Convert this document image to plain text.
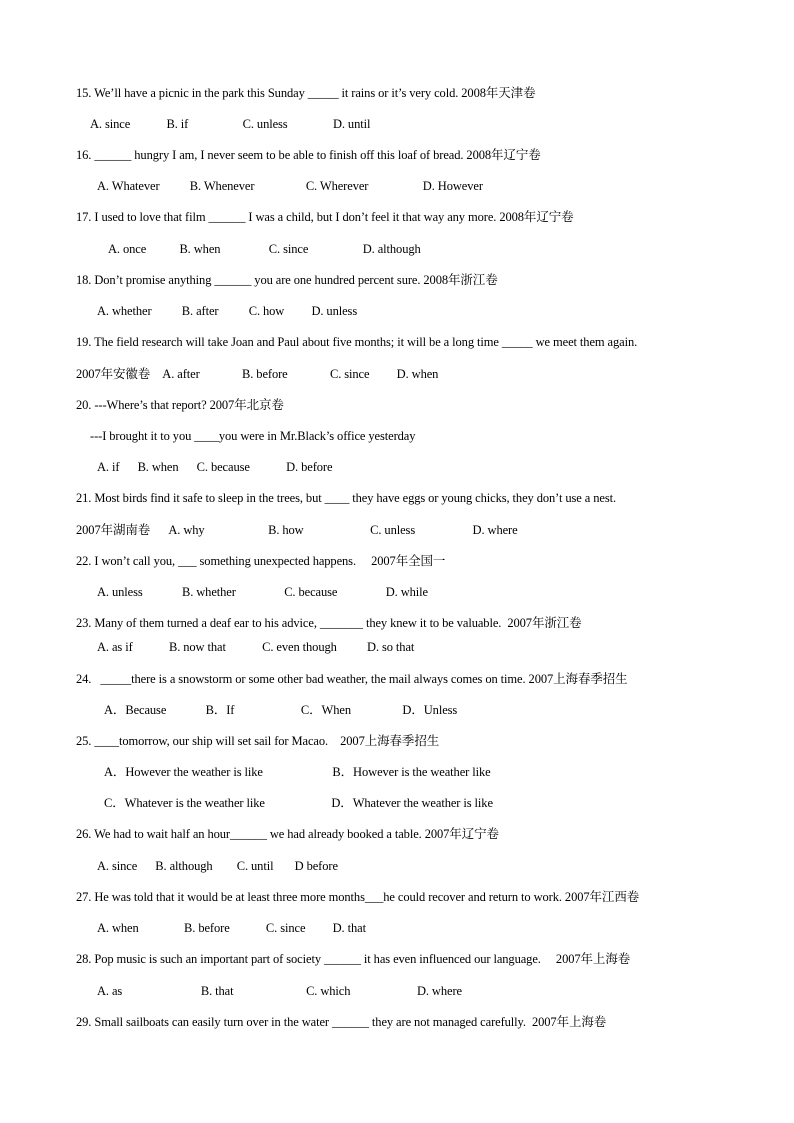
15. We’ll have a picnic in the park this Sunday _____ it rains or it’s very cold. 2008年天津卷
A. since            B. if                  C. unless               D. until
16. ______ hungry I am, I never seem to be able to finish off this loaf of bread. 2008年辽宁卷
A. Whatever          B. Whenever                 C. Wherever                  D. However
17. I used to love that film ______ I was a child, but I don’t feel it that way any more. 2008年辽宁卷
A. once           B. when                C. since                  D. although
18. Don’t promise anything ______ you are one hundred percent sure. 2008年浙江卷
A. whether          B. after          C. how         D. unless
19. The field research will take Joan and Paul about five months; it will be a long time _____ we meet them again.
2007年安徽卷    A. after              B. before              C. since         D. when
20. ---Where’s that report? 2007年北京卷
---I brought it to you ____you were in Mr.Black’s office yesterday
A. if      B. when      C. because            D. before
21. Most birds find it safe to sleep in the trees, but ____ they have eggs or young chicks, they don’t use a nest.
2007年湖南卷      A. why                     B. how                      C. unless                   D. where
22. I won’t call you, ___ something unexpected happens.     2007年全国一
A. unless             B. whether                C. because                D. while
23. Many of them turned a deaf ear to his advice, _______ they knew it to be valuable.  2007年浙江卷
A. as if            B. now that            C. even though          D. so that
24.   _____there is a snowstorm or some other bad weather, the mail always comes on time. 2007上海春季招生
A．Because             B．If                      C．When                 D．Unless
25. ____tomorrow, our ship will set sail for Macao.    2007上海春季招生
A．However the weather is like                       B．However is the weather like
C．Whatever is the weather like                      D．Whatever the weather is like
26. We had to wait half an hour______ we had already booked a table. 2007年辽宁卷
A. since      B. although        C. until       D before
27. He was told that it would be at least three more months___he could recover and return to work. 2007年江西卷
A. when               B. before            C. since         D. that
28. Pop music is such an important part of society ______ it has even influenced our language.     2007年上海卷
A. as                          B. that                        C. which                      D. where
29. Small sailboats can easily turn over in the water ______ they are not managed carefully.  2007年上海卷
